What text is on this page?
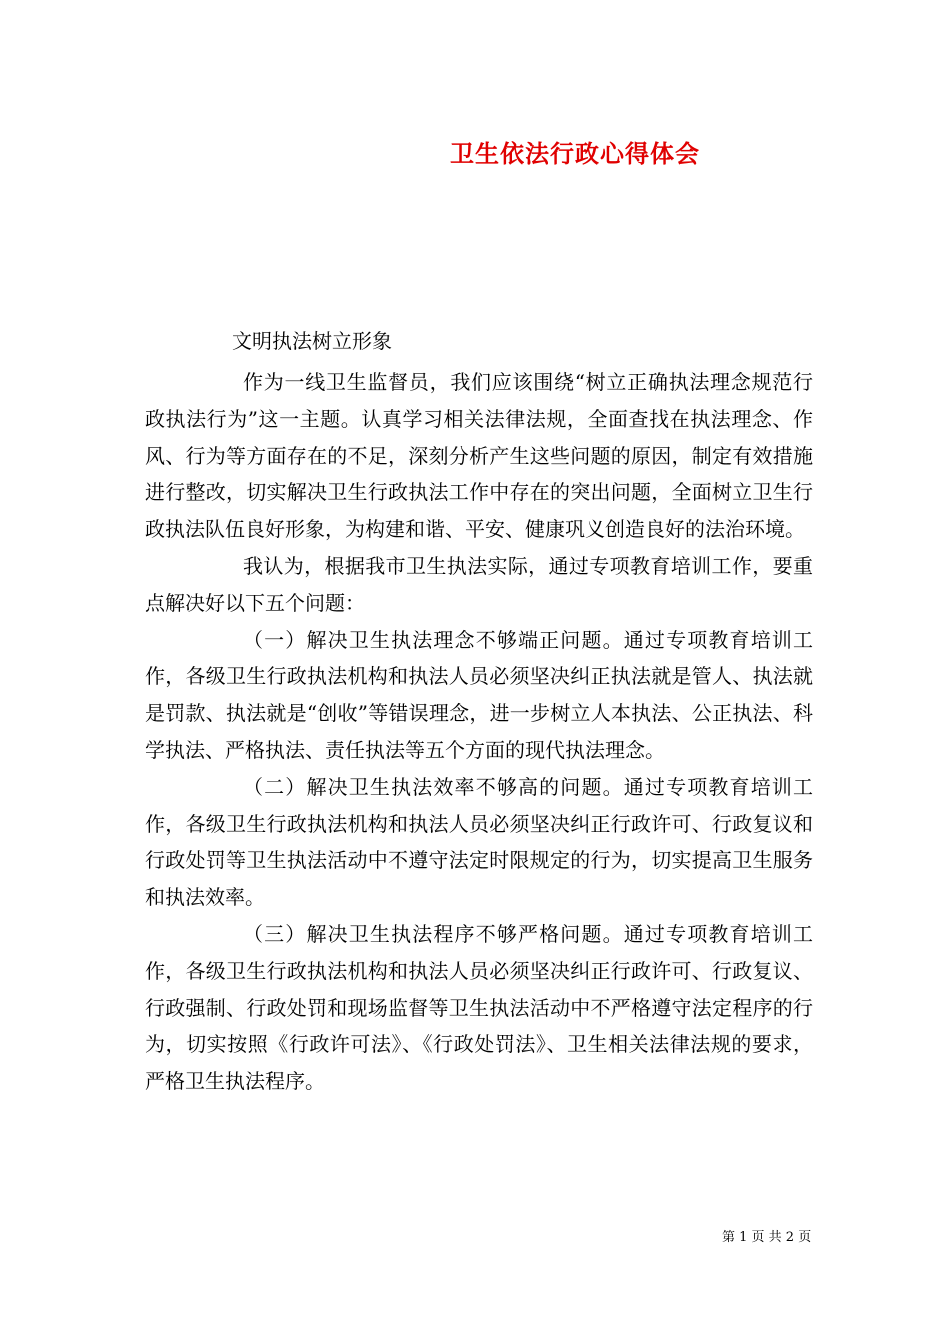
卫生依法行政心得体会
文明执法树立形象

作为一线卫生监督员，我们应该围绕“树立正确执法理念规范行政执法行为”这一主题。认真学习相关法律法规，全面查找在执法理念、作风、行为等方面存在的不足，深刻分析产生这些问题的原因，制定有效措施进行整改，切实解决卫生行政执法工作中存在的突出问题，全面树立卫生行政执法队伍良好形象，为构建和谐、平安、健康巩义创造良好的法治环境。

我认为，根据我市卫生执法实际，通过专项教育培训工作，要重点解决好以下五个问题：

（一）解决卫生执法理念不够端正问题。通过专项教育培训工作，各级卫生行政执法机构和执法人员必须坚决纠正执法就是管人、执法就是罚款、执法就是“创收”等错误理念，进一步树立人本执法、公正执法、科学执法、严格执法、责任执法等五个方面的现代执法理念。

（二）解决卫生执法效率不够高的问题。通过专项教育培训工作，各级卫生行政执法机构和执法人员必须坚决纠正行政许可、行政复议和行政处罚等卫生执法活动中不遵守法定时限规定的行为，切实提高卫生服务和执法效率。

（三）解决卫生执法程序不够严格问题。通过专项教育培训工作，各级卫生行政执法机构和执法人员必须坚决纠正行政许可、行政复议、行政强制、行政处罚和现场监督等卫生执法活动中不严格遵守法定程序的行为，切实按照《行政许可法》、《行政处罚法》、卫生相关法律法规的要求，严格卫生执法程序。

第 1 页 共 2 页
